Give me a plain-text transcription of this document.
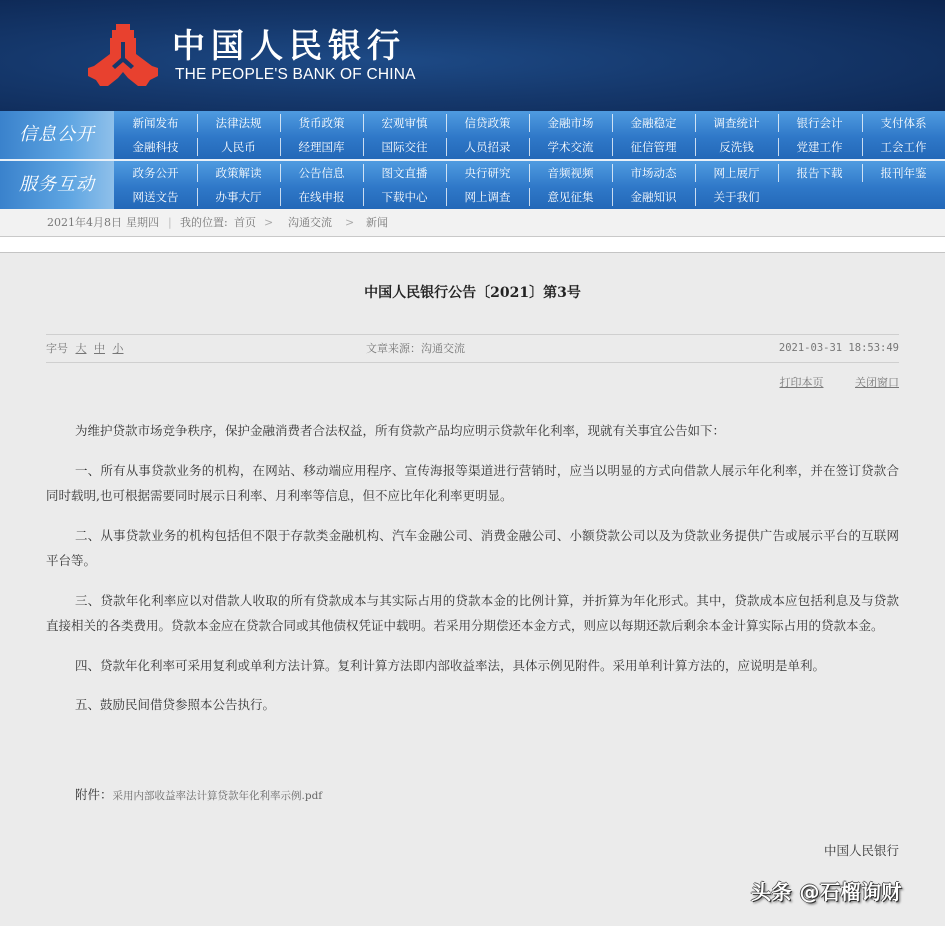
中国人民银行
THE PEOPLE'S BANK OF CHINA
信息公开
新闻发布	法律法规	货币政策	宏观审慎	信贷政策	金融市场	金融稳定	调查统计	银行会计	支付体系
金融科技	人民币	经理国库	国际交往	人员招录	学术交流	征信管理	反洗钱	党建工作	工会工作
服务互动
政务公开	政策解读	公告信息	图文直播	央行研究	音频视频	市场动态	网上展厅	报告下载	报刊年鉴
网送文告	办事大厅	在线申报	下载中心	网上调查	意见征集	金融知识	关于我们
2021年4月8日 星期四 | 我的位置: 首页 > 沟通交流 > 新闻
中国人民银行公告〔2021〕第3号
字号 大 中 小	文章来源：沟通交流	2021-03-31 18:53:49
打印本页	关闭窗口

为维护贷款市场竞争秩序，保护金融消费者合法权益，所有贷款产品均应明示贷款年化利率，现就有关事宜公告如下：

一、所有从事贷款业务的机构，在网站、移动端应用程序、宣传海报等渠道进行营销时，应当以明显的方式向借款人展示年化利率，并在签订贷款合同时载明,也可根据需要同时展示日利率、月利率等信息，但不应比年化利率更明显。

二、从事贷款业务的机构包括但不限于存款类金融机构、汽车金融公司、消费金融公司、小额贷款公司以及为贷款业务提供广告或展示平台的互联网平台等。

三、贷款年化利率应以对借款人收取的所有贷款成本与其实际占用的贷款本金的比例计算，并折算为年化形式。其中，贷款成本应包括利息及与贷款直接相关的各类费用。贷款本金应在贷款合同或其他债权凭证中载明。若采用分期偿还本金方式，则应以每期还款后剩余本金计算实际占用的贷款本金。

四、贷款年化利率可采用复利或单利方法计算。复利计算方法即内部收益率法，具体示例见附件。采用单利计算方法的，应说明是单利。

五、鼓励民间借贷参照本公告执行。

附件：采用内部收益率法计算贷款年化利率示例.pdf
中国人民银行
头条 @石榴询财
